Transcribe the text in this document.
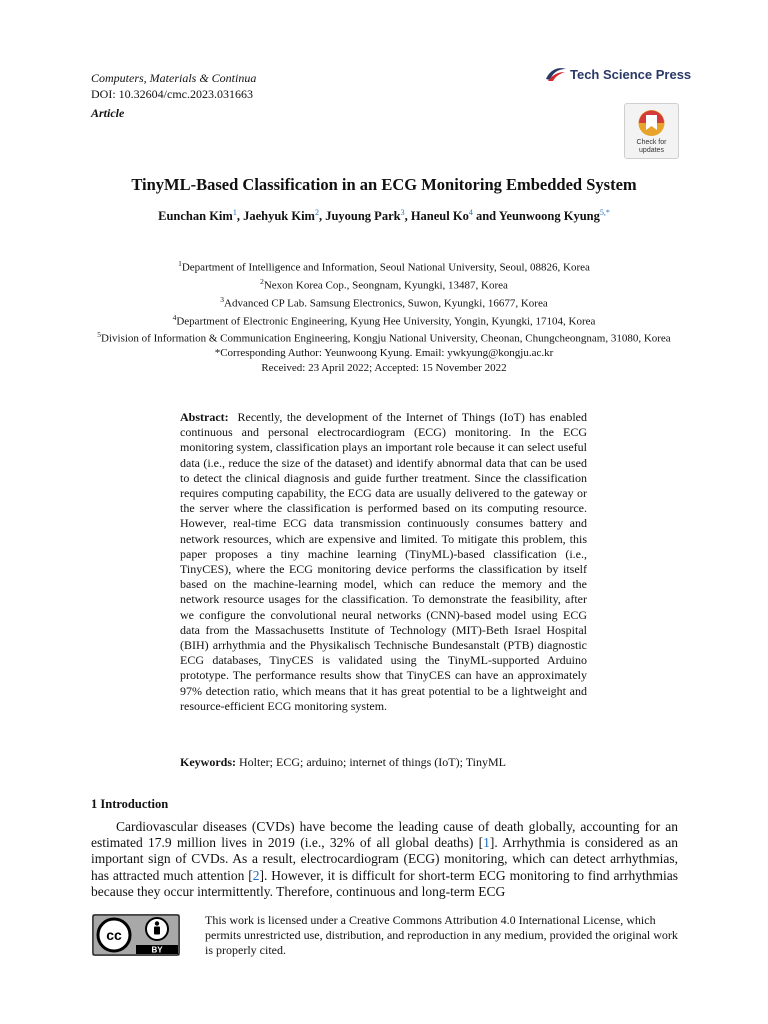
Computers, Materials & Continua
DOI: 10.32604/cmc.2023.031663
Article
Tech Science Press
Check for updates
TinyML-Based Classification in an ECG Monitoring Embedded System
Eunchan Kim$^1$, Jaehyuk Kim$^2$, Juyoung Park$^3$, Haneul Ko$^4$ and Yeunwoong Kyung$^{5,*}$
$^1$Department of Intelligence and Information, Seoul National University, Seoul, 08826, Korea
$^2$Nexon Korea Cop., Seongnam, Kyungki, 13487, Korea
$^3$Advanced CP Lab. Samsung Electronics, Suwon, Kyungki, 16677, Korea
$^4$Department of Electronic Engineering, Kyung Hee University, Yongin, Kyungki, 17104, Korea
$^5$Division of Information & Communication Engineering, Kongju National University, Cheonan, Chungcheongnam, 31080, Korea
*Corresponding Author: Yeunwoong Kyung. Email: ywkyung@kongju.ac.kr
Received: 23 April 2022; Accepted: 15 November 2022
Abstract: Recently, the development of the Internet of Things (IoT) has enabled continuous and personal electrocardiogram (ECG) monitoring. In the ECG monitoring system, classification plays an important role because it can select useful data (i.e., reduce the size of the dataset) and identify abnormal data that can be used to detect the clinical diagnosis and guide further treatment. Since the classification requires computing capability, the ECG data are usually delivered to the gateway or the server where the classification is performed based on its computing resource. However, real-time ECG data transmission continuously consumes battery and network resources, which are expensive and limited. To mitigate this problem, this paper proposes a tiny machine learning (TinyML)-based classification (i.e., TinyCES), where the ECG monitoring device performs the classification by itself based on the machine-learning model, which can reduce the memory and the network resource usages for the classification. To demonstrate the feasibility, after we configure the convolutional neural networks (CNN)-based model using ECG data from the Massachusetts Institute of Technology (MIT)-Beth Israel Hospital (BIH) arrhythmia and the Physikalisch Technische Bundesanstalt (PTB) diagnostic ECG databases, TinyCES is validated using the TinyML-supported Arduino prototype. The performance results show that TinyCES can have an approximately 97% detection ratio, which means that it has great potential to be a lightweight and resource-efficient ECG monitoring system.
Keywords: Holter; ECG; arduino; internet of things (IoT); TinyML
1 Introduction
Cardiovascular diseases (CVDs) have become the leading cause of death globally, accounting for an estimated 17.9 million lives in 2019 (i.e., 32% of all global deaths) [1]. Arrhythmia is considered as an important sign of CVDs. As a result, electrocardiogram (ECG) monitoring, which can detect arrhythmias, has attracted much attention [2]. However, it is difficult for short-term ECG monitoring to find arrhythmias because they occur intermittently. Therefore, continuous and long-term ECG
cc
BY
This work is licensed under a Creative Commons Attribution 4.0 International License, which permits unrestricted use, distribution, and reproduction in any medium, provided the original work is properly cited.
